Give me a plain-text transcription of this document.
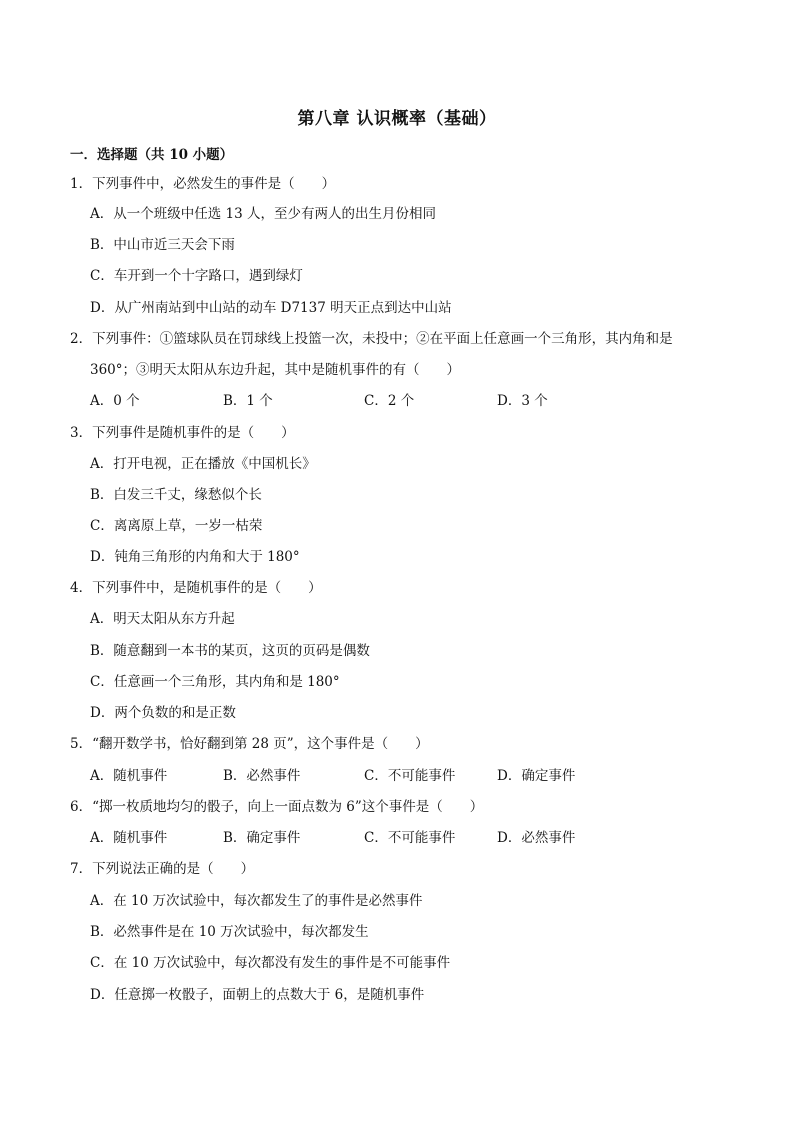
第八章 认识概率（基础）
一．选择题（共 10 小题）
1．下列事件中，必然发生的事件是（　　）
A．从一个班级中任选 13 人，至少有两人的出生月份相同
B．中山市近三天会下雨
C．车开到一个十字路口，遇到绿灯
D．从广州南站到中山站的动车 D7137 明天正点到达中山站
2．下列事件：①篮球队员在罚球线上投篮一次，未投中；②在平面上任意画一个三角形，其内角和是
360°；③明天太阳从东边升起，其中是随机事件的有（　　）
A．0 个	B．1 个	C．2 个	D．3 个
3．下列事件是随机事件的是（　　）
A．打开电视，正在播放《中国机长》
B．白发三千丈，缘愁似个长
C．离离原上草，一岁一枯荣
D．钝角三角形的内角和大于 180°
4．下列事件中，是随机事件的是（　　）
A．明天太阳从东方升起
B．随意翻到一本书的某页，这页的页码是偶数
C．任意画一个三角形，其内角和是 180°
D．两个负数的和是正数
5．“翻开数学书，恰好翻到第 28 页”，这个事件是（　　）
A．随机事件	B．必然事件	C．不可能事件	D．确定事件
6．“掷一枚质地均匀的骰子，向上一面点数为 6”这个事件是（　　）
A．随机事件	B．确定事件	C．不可能事件	D．必然事件
7．下列说法正确的是（　　）
A．在 10 万次试验中，每次都发生了的事件是必然事件
B．必然事件是在 10 万次试验中，每次都发生
C．在 10 万次试验中，每次都没有发生的事件是不可能事件
D．任意掷一枚骰子，面朝上的点数大于 6，是随机事件
